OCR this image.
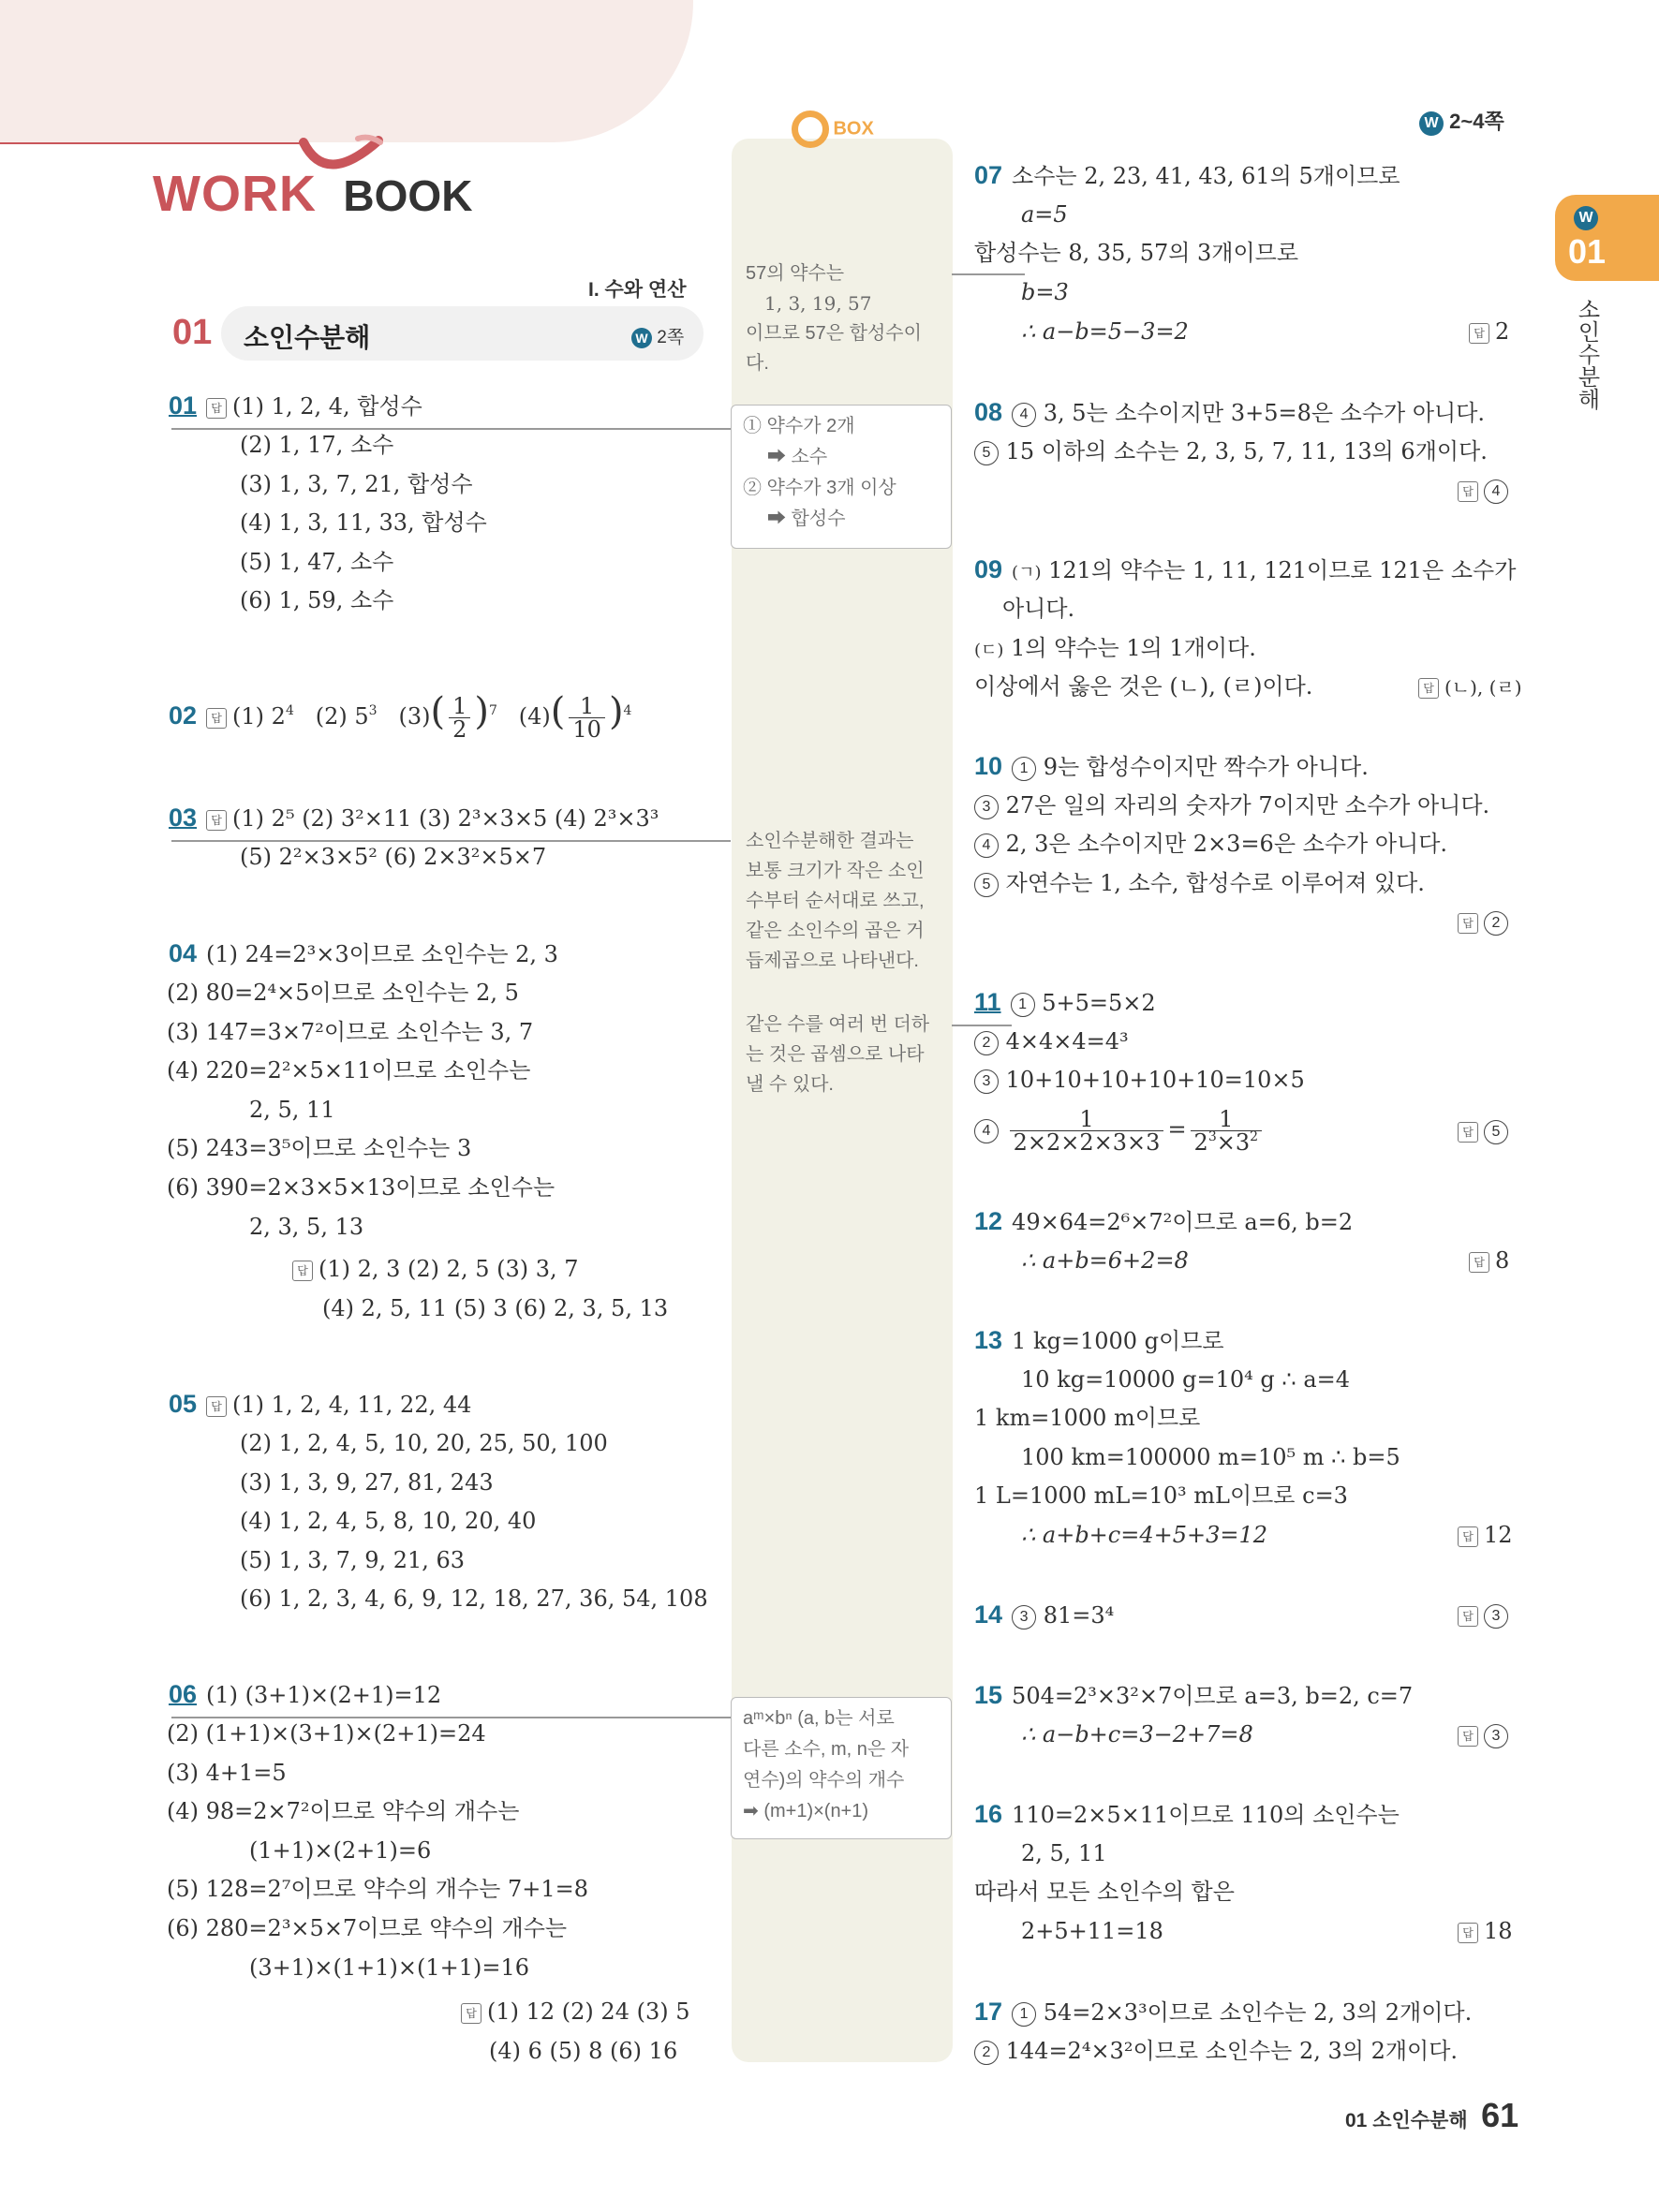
WORK BOOK
W 2~4쪽
W
01
소인수분해
I. 수와 연산
01 소인수분해	W 2쪽
BOX
57의 약수는
1, 3, 19, 57
이므로 57은 합성수이
다.
① 약수가 2개
➡ 소수
② 약수가 3개 이상
➡ 합성수
소인수분해한 결과는
보통 크기가 작은 소인
수부터 순서대로 쓰고,
같은 소인수의 곱은 거
듭제곱으로 나타낸다.
같은 수를 여러 번 더하
는 것은 곱셈으로 나타
낼 수 있다.
aᵐ×bⁿ (a, b는 서로
다른 소수, m, n은 자
연수)의 약수의 개수
➡ (m+1)×(n+1)
01 답 (1) 1, 2, 4, 합성수
(2) 1, 17, 소수
(3) 1, 3, 7, 21, 합성수
(4) 1, 3, 11, 33, 합성수
(5) 1, 47, 소수
(6) 1, 59, 소수
02 답 (1) $2^4$   (2) $5^3$   $(3)( \frac{1}{2} )^7$   $(4)( \frac{1}{10} )^4$
03 답 (1) 2⁵ (2) 3²×11 (3) 2³×3×5 (4) 2³×3³
(5) 2²×3×5² (6) 2×3²×5×7
04 (1) 24=2³×3이므로 소인수는 2, 3
(2) 80=2⁴×5이므로 소인수는 2, 5
(3) 147=3×7²이므로 소인수는 3, 7
(4) 220=2²×5×11이므로 소인수는
2, 5, 11
(5) 243=3⁵이므로 소인수는 3
(6) 390=2×3×5×13이므로 소인수는
2, 3, 5, 13
답 (1) 2, 3 (2) 2, 5 (3) 3, 7
(4) 2, 5, 11 (5) 3 (6) 2, 3, 5, 13
05 답 (1) 1, 2, 4, 11, 22, 44
(2) 1, 2, 4, 5, 10, 20, 25, 50, 100
(3) 1, 3, 9, 27, 81, 243
(4) 1, 2, 4, 5, 8, 10, 20, 40
(5) 1, 3, 7, 9, 21, 63
(6) 1, 2, 3, 4, 6, 9, 12, 18, 27, 36, 54, 108
06 (1) (3+1)×(2+1)=12
(2) (1+1)×(3+1)×(2+1)=24
(3) 4+1=5
(4) 98=2×7²이므로 약수의 개수는
(1+1)×(2+1)=6
(5) 128=2⁷이므로 약수의 개수는 7+1=8
(6) 280=2³×5×7이므로 약수의 개수는
(3+1)×(1+1)×(1+1)=16
답 (1) 12 (2) 24 (3) 5
(4) 6 (5) 8 (6) 16
07 소수는 2, 23, 41, 43, 61의 5개이므로
a=5
합성수는 8, 35, 57의 3개이므로
b=3
∴ a−b=5−3=2	답 2
08 4 3, 5는 소수이지만 3+5=8은 소수가 아니다.
5 15 이하의 소수는 2, 3, 5, 7, 11, 13의 6개이다.
답 4
09 (ㄱ) 121의 약수는 1, 11, 121이므로 121은 소수가
아니다.
(ㄷ) 1의 약수는 1의 1개이다.
이상에서 옳은 것은 (ㄴ), (ㄹ)이다.	답 (ㄴ), (ㄹ)
10 1 9는 합성수이지만 짝수가 아니다.
3 27은 일의 자리의 숫자가 7이지만 소수가 아니다.
4 2, 3은 소수이지만 2×3=6은 소수가 아니다.
5 자연수는 1, 소수, 합성수로 이루어져 있다.
답 2
11 1 5+5=5×2
2 4×4×4=4³
3 10+10+10+10+10=10×5
$4 \frac{1}{2\times 2\times 2\times 3\times 3} = \frac{1}{2^3\times 3^2}$	답 5
12 49×64=2⁶×7²이므로 a=6, b=2
∴ a+b=6+2=8	답 8
13 1 kg=1000 g이므로
10 kg=10000 g=10⁴ g ∴ a=4
1 km=1000 m이므로
100 km=100000 m=10⁵ m ∴ b=5
1 L=1000 mL=10³ mL이므로 c=3
∴ a+b+c=4+5+3=12	답 12
14 3 81=3⁴	답 3
15 504=2³×3²×7이므로 a=3, b=2, c=7
∴ a−b+c=3−2+7=8	답 3
16 110=2×5×11이므로 110의 소인수는
2, 5, 11
따라서 모든 소인수의 합은
2+5+11=18	답 18
17 1 54=2×3³이므로 소인수는 2, 3의 2개이다.
2 144=2⁴×3²이므로 소인수는 2, 3의 2개이다.
01 소인수분해 61
